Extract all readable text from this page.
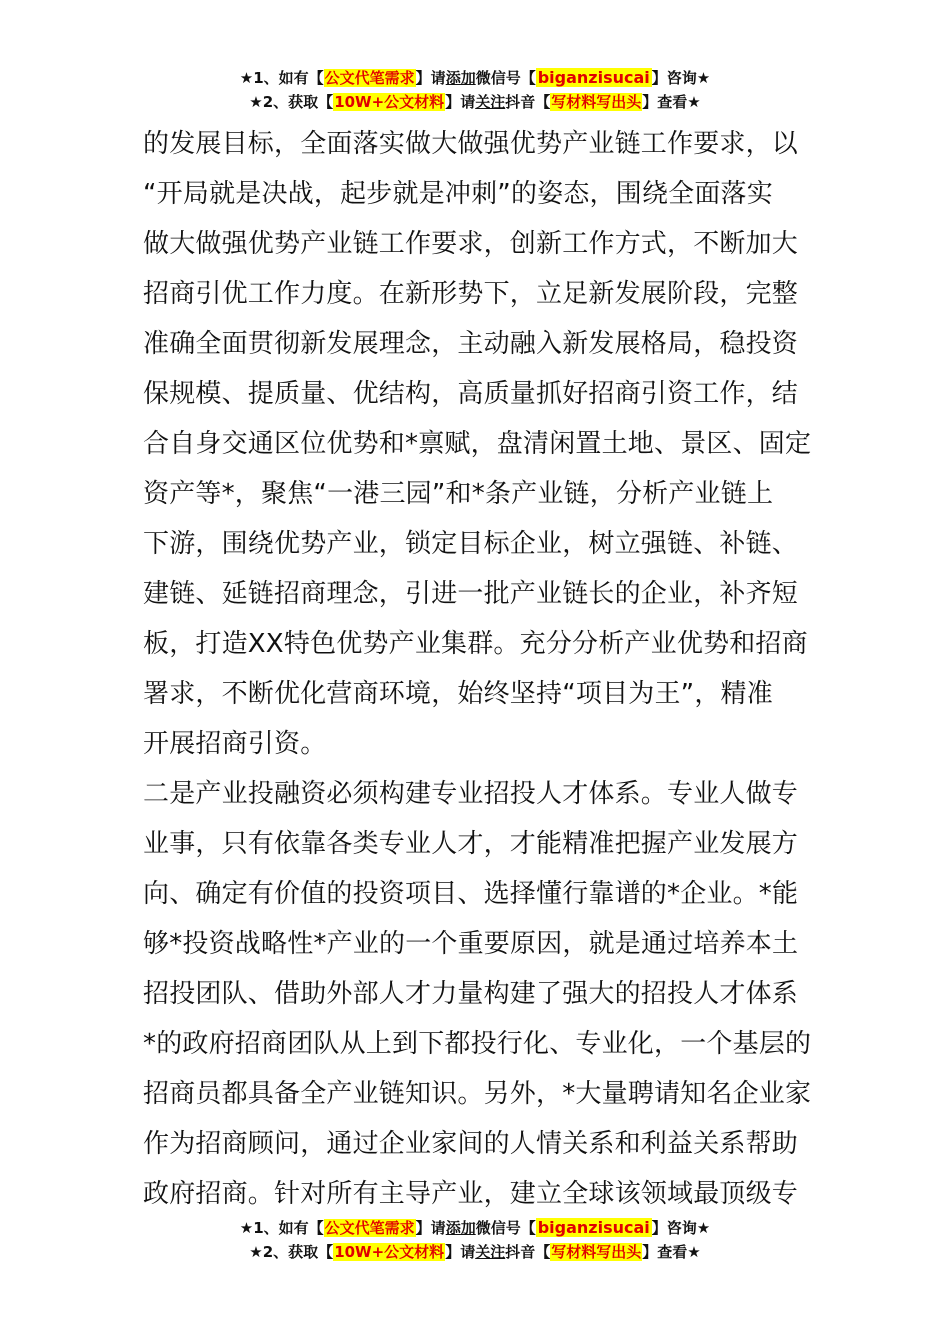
★1、如有【公文代笔需求】请添加微信号【 biganzisucai 】咨询★
★2、获取【10W+公文材料】请关注抖音【写材料写出头】查看★
的发展目标，全面落实做大做强优势产业链工作要求，以
“开局就是决战，起步就是冲刺”的姿态，围绕全面落实
做大做强优势产业链工作要求，创新工作方式，不断加大
招商引优工作力度。在新形势下，立足新发展阶段，完整
准确全面贯彻新发展理念，主动融入新发展格局，稳投资
保规模、提质量、优结构，高质量抓好招商引资工作，结
合自身交通区位优势和*禀赋，盘清闲置土地、景区、固定
资产等*，聚焦“一港三园”和*条产业链，分析产业链上
下游，围绕优势产业，锁定目标企业，树立强链、补链、
建链、延链招商理念，引进一批产业链长的企业，补齐短
板，打造XX特色优势产业集群。充分分析产业优势和招商
署求，不断优化营商环境，始终坚持“项目为王”，精准
开展招商引资。
二是产业投融资必须构建专业招投人才体系。专业人做专
业事，只有依靠各类专业人才，才能精准把握产业发展方
向、确定有价值的投资项目、选择懂行靠谱的*企业。*能
够*投资战略性*产业的一个重要原因，就是通过培养本土
招投团队、借助外部人才力量构建了强大的招投人才体系
*的政府招商团队从上到下都投行化、专业化，一个基层的
招商员都具备全产业链知识。另外，*大量聘请知名企业家
作为招商顾问，通过企业家间的人情关系和利益关系帮助
政府招商。针对所有主导产业，建立全球该领域最顶级专
★1、如有【公文代笔需求】请添加微信号【 biganzisucai 】咨询★
★2、获取【10W+公文材料】请关注抖音【写材料写出头】查看★
